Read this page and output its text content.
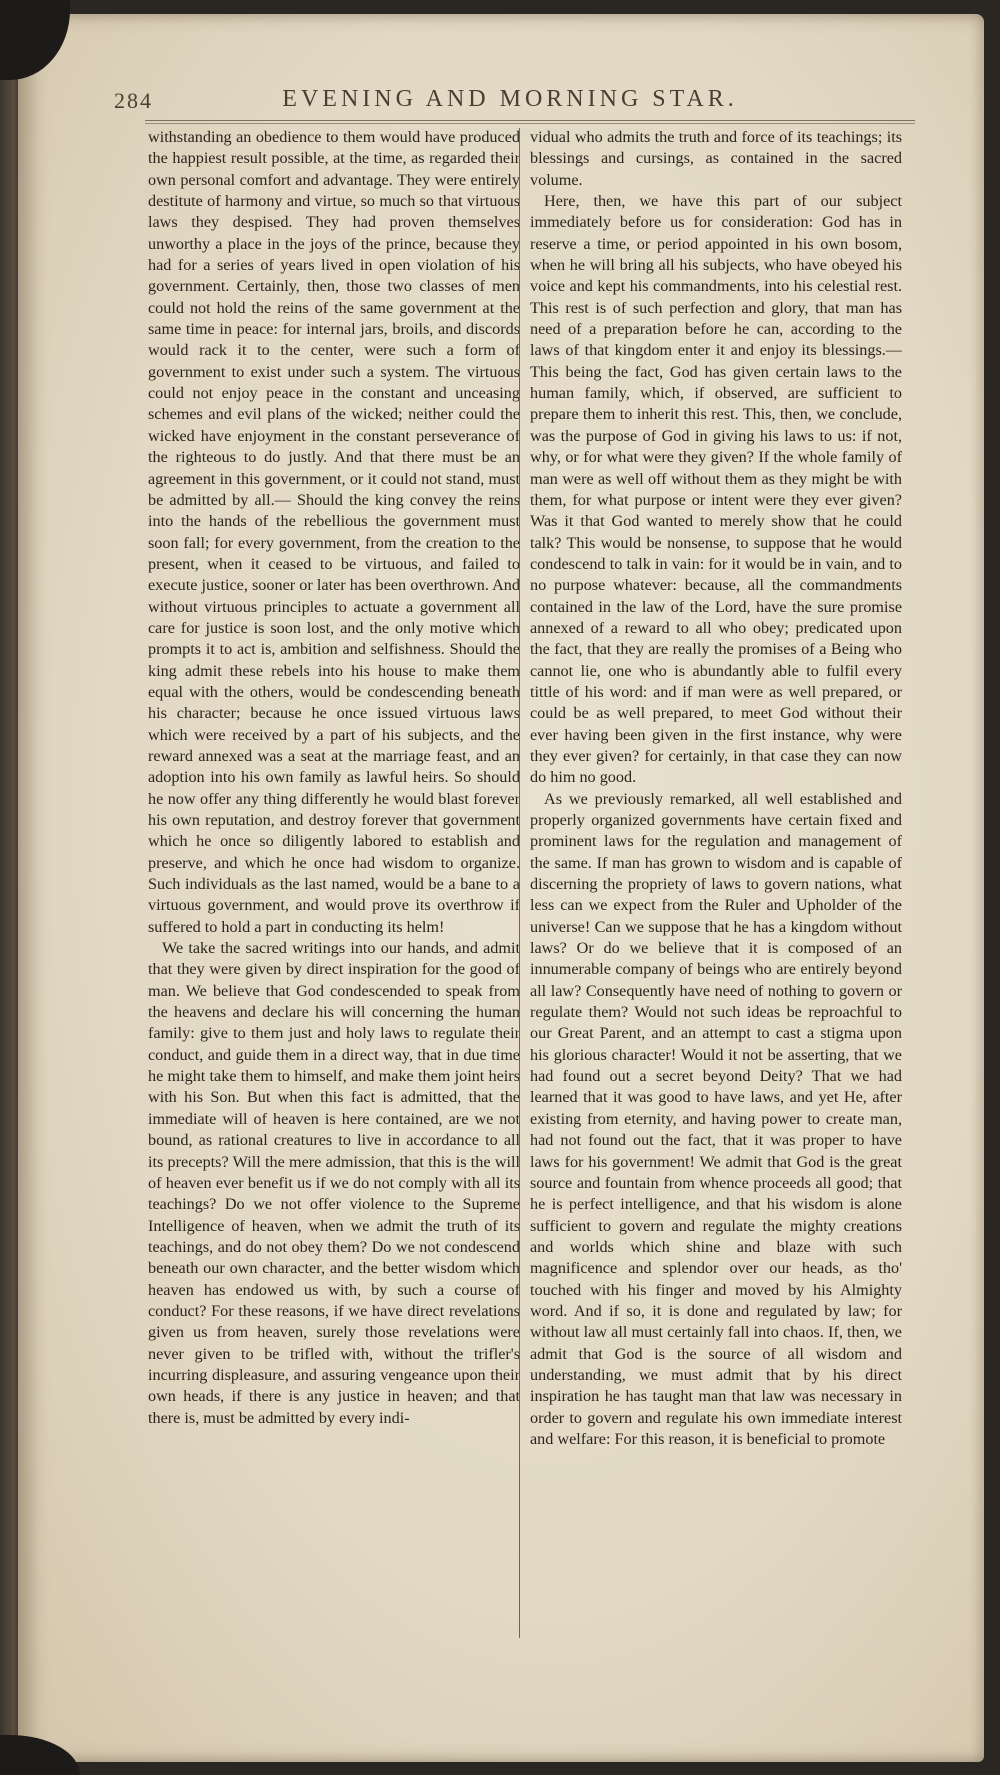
284	EVENING AND MORNING STAR.

withstanding an obedience to them would have produced the happiest result possible, at the time, as regarded their own personal comfort and advantage. They were entirely destitute of harmony and virtue, so much so that virtuous laws they despised. They had proven themselves unworthy a place in the joys of the prince, because they had for a series of years lived in open violation of his government. Certainly, then, those two classes of men could not hold the reins of the same government at the same time in peace: for internal jars, broils, and discords would rack it to the center, were such a form of government to exist under such a system. The virtuous could not enjoy peace in the constant and unceasing schemes and evil plans of the wicked; neither could the wicked have enjoyment in the constant perseverance of the righteous to do justly. And that there must be an agreement in this government, or it could not stand, must be admitted by all.— Should the king convey the reins into the hands of the rebellious the government must soon fall; for every government, from the creation to the present, when it ceased to be virtuous, and failed to execute justice, sooner or later has been overthrown. And without virtuous principles to actuate a government all care for justice is soon lost, and the only motive which prompts it to act is, ambition and selfishness. Should the king admit these rebels into his house to make them equal with the others, would be condescending beneath his character; because he once issued virtuous laws which were received by a part of his subjects, and the reward annexed was a seat at the marriage feast, and an adoption into his own family as lawful heirs. So should he now offer any thing differently he would blast forever his own reputation, and destroy forever that government which he once so diligently labored to establish and preserve, and which he once had wisdom to organize. Such individuals as the last named, would be a bane to a virtuous government, and would prove its overthrow if suffered to hold a part in conducting its helm!

We take the sacred writings into our hands, and admit that they were given by direct inspiration for the good of man. We believe that God condescended to speak from the heavens and declare his will concerning the human family: give to them just and holy laws to regulate their conduct, and guide them in a direct way, that in due time he might take them to himself, and make them joint heirs with his Son. But when this fact is admitted, that the immediate will of heaven is here contained, are we not bound, as rational creatures to live in accordance to all its precepts? Will the mere admission, that this is the will of heaven ever benefit us if we do not comply with all its teachings? Do we not offer violence to the Supreme Intelligence of heaven, when we admit the truth of its teachings, and do not obey them? Do we not condescend beneath our own character, and the better wisdom which heaven has endowed us with, by such a course of conduct? For these reasons, if we have direct revelations given us from heaven, surely those revelations were never given to be trifled with, without the trifler's incurring displeasure, and assuring vengeance upon their own heads, if there is any justice in heaven; and that there is, must be admitted by every indi-

vidual who admits the truth and force of its teachings; its blessings and cursings, as contained in the sacred volume.

Here, then, we have this part of our subject immediately before us for consideration: God has in reserve a time, or period appointed in his own bosom, when he will bring all his subjects, who have obeyed his voice and kept his commandments, into his celestial rest. This rest is of such perfection and glory, that man has need of a preparation before he can, according to the laws of that kingdom enter it and enjoy its blessings.— This being the fact, God has given certain laws to the human family, which, if observed, are sufficient to prepare them to inherit this rest. This, then, we conclude, was the purpose of God in giving his laws to us: if not, why, or for what were they given? If the whole family of man were as well off without them as they might be with them, for what purpose or intent were they ever given? Was it that God wanted to merely show that he could talk? This would be nonsense, to suppose that he would condescend to talk in vain: for it would be in vain, and to no purpose whatever: because, all the commandments contained in the law of the Lord, have the sure promise annexed of a reward to all who obey; predicated upon the fact, that they are really the promises of a Being who cannot lie, one who is abundantly able to fulfil every tittle of his word: and if man were as well prepared, or could be as well prepared, to meet God without their ever having been given in the first instance, why were they ever given? for certainly, in that case they can now do him no good.

As we previously remarked, all well established and properly organized governments have certain fixed and prominent laws for the regulation and management of the same. If man has grown to wisdom and is capable of discerning the propriety of laws to govern nations, what less can we expect from the Ruler and Upholder of the universe! Can we suppose that he has a kingdom without laws? Or do we believe that it is composed of an innumerable company of beings who are entirely beyond all law? Consequently have need of nothing to govern or regulate them? Would not such ideas be reproachful to our Great Parent, and an attempt to cast a stigma upon his glorious character! Would it not be asserting, that we had found out a secret beyond Deity? That we had learned that it was good to have laws, and yet He, after existing from eternity, and having power to create man, had not found out the fact, that it was proper to have laws for his government! We admit that God is the great source and fountain from whence proceeds all good; that he is perfect intelligence, and that his wisdom is alone sufficient to govern and regulate the mighty creations and worlds which shine and blaze with such magnificence and splendor over our heads, as tho' touched with his finger and moved by his Almighty word. And if so, it is done and regulated by law; for without law all must certainly fall into chaos. If, then, we admit that God is the source of all wisdom and understanding, we must admit that by his direct inspiration he has taught man that law was necessary in order to govern and regulate his own immediate interest and welfare: For this reason, it is beneficial to promote
